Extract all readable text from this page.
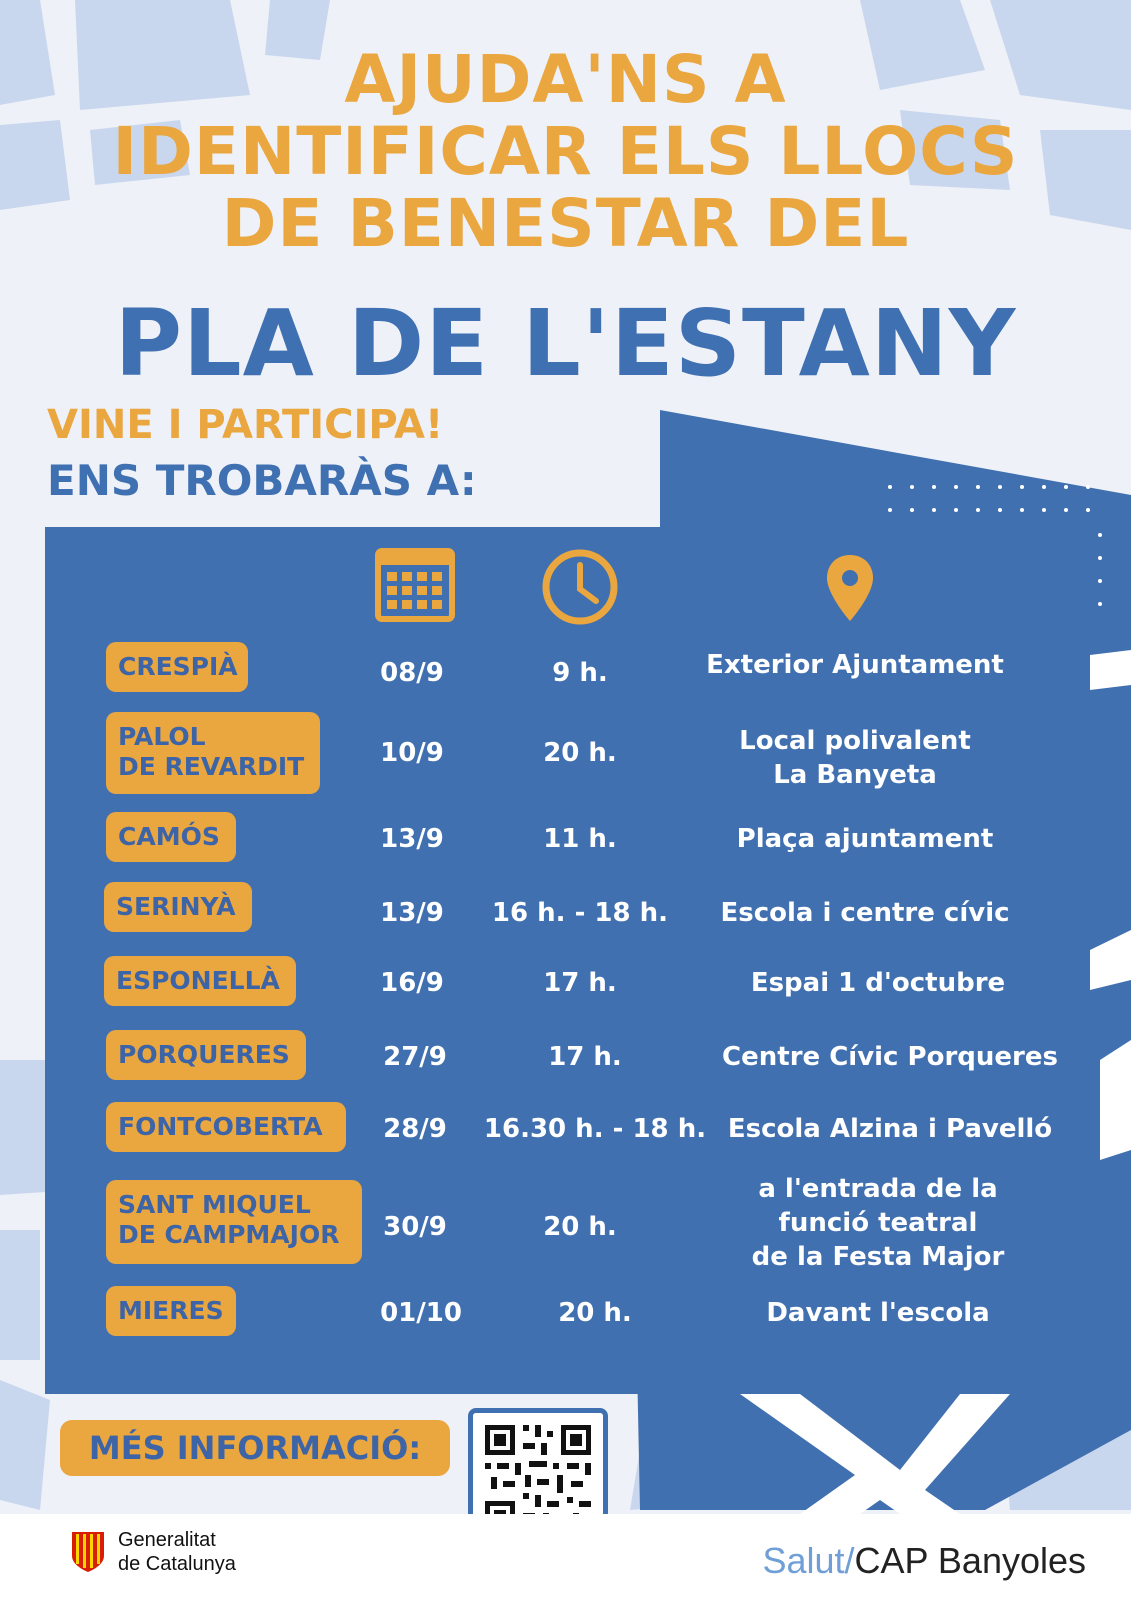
AJUDA'NS A
IDENTIFICAR ELS LLOCS
DE BENESTAR DEL
PLA DE L'ESTANY
VINE I PARTICIPA!
ENS TROBARÀS A:
CRESPIÀ	08/9	9 h.	Exterior Ajuntament
PALOL
DE REVARDIT	10/9	20 h.	Local polivalent
La Banyeta
CAMÓS	13/9	11 h.	Plaça ajuntament
SERINYÀ	13/9	16 h. - 18 h.	Escola i centre cívic
ESPONELLÀ	16/9	17 h.	Espai 1 d'octubre
PORQUERES	27/9	17 h.	Centre Cívic Porqueres
FONTCOBERTA	28/9	16.30 h. - 18 h. Escola Alzina i Pavelló
SANT MIQUEL
DE CAMPMAJOR	30/9	20 h.
a l'entrada de la
funció teatral
de la Festa Major
MIERES	01/10	20 h.	Davant l'escola
MÉS INFORMACIÓ:
Generalitat
de Catalunya	Salut/CAP Banyoles
